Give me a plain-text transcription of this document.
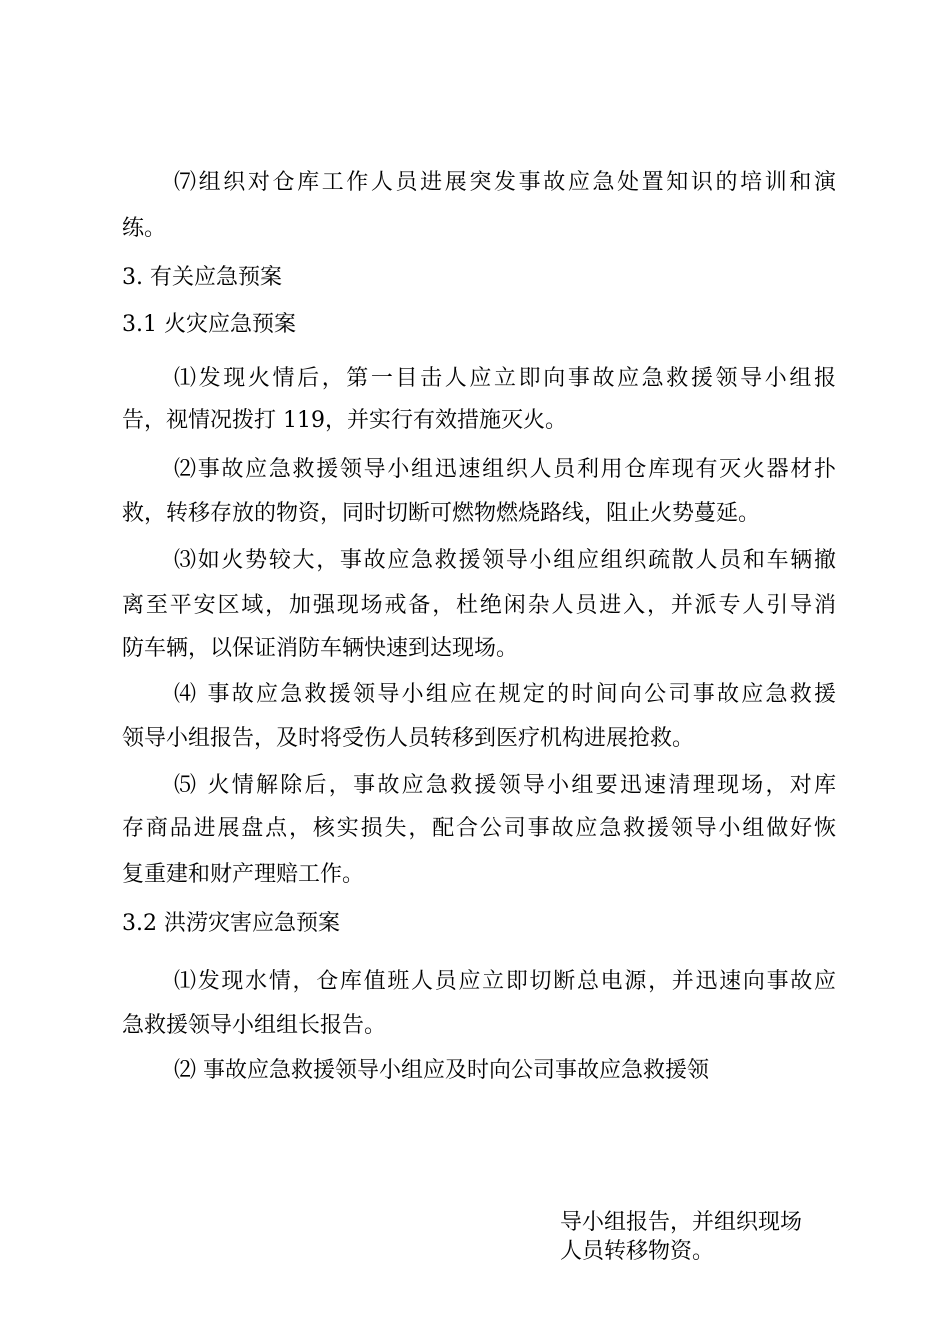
⑺组织对仓库工作人员进展突发事故应急处置知识的培训和演
练。
3. 有关应急预案
3.1 火灾应急预案
⑴发现火情后，第一目击人应立即向事故应急救援领导小组报
告，视情况拨打 119，并实行有效措施灭火。
⑵事故应急救援领导小组迅速组织人员利用仓库现有灭火器材扑
救，转移存放的物资，同时切断可燃物燃烧路线，阻止火势蔓延。
⑶如火势较大，事故应急救援领导小组应组织疏散人员和车辆撤
离至平安区域，加强现场戒备，杜绝闲杂人员进入，并派专人引导消
防车辆，以保证消防车辆快速到达现场。
⑷ 事故应急救援领导小组应在规定的时间向公司事故应急救援
领导小组报告，及时将受伤人员转移到医疗机构进展抢救。
⑸ 火情解除后，事故应急救援领导小组要迅速清理现场，对库
存商品进展盘点，核实损失，配合公司事故应急救援领导小组做好恢
复重建和财产理赔工作。
3.2 洪涝灾害应急预案
⑴发现水情，仓库值班人员应立即切断总电源，并迅速向事故应
急救援领导小组组长报告。
⑵ 事故应急救援领导小组应及时向公司事故应急救援领
导小组报告，并组织现场
人员转移物资。
